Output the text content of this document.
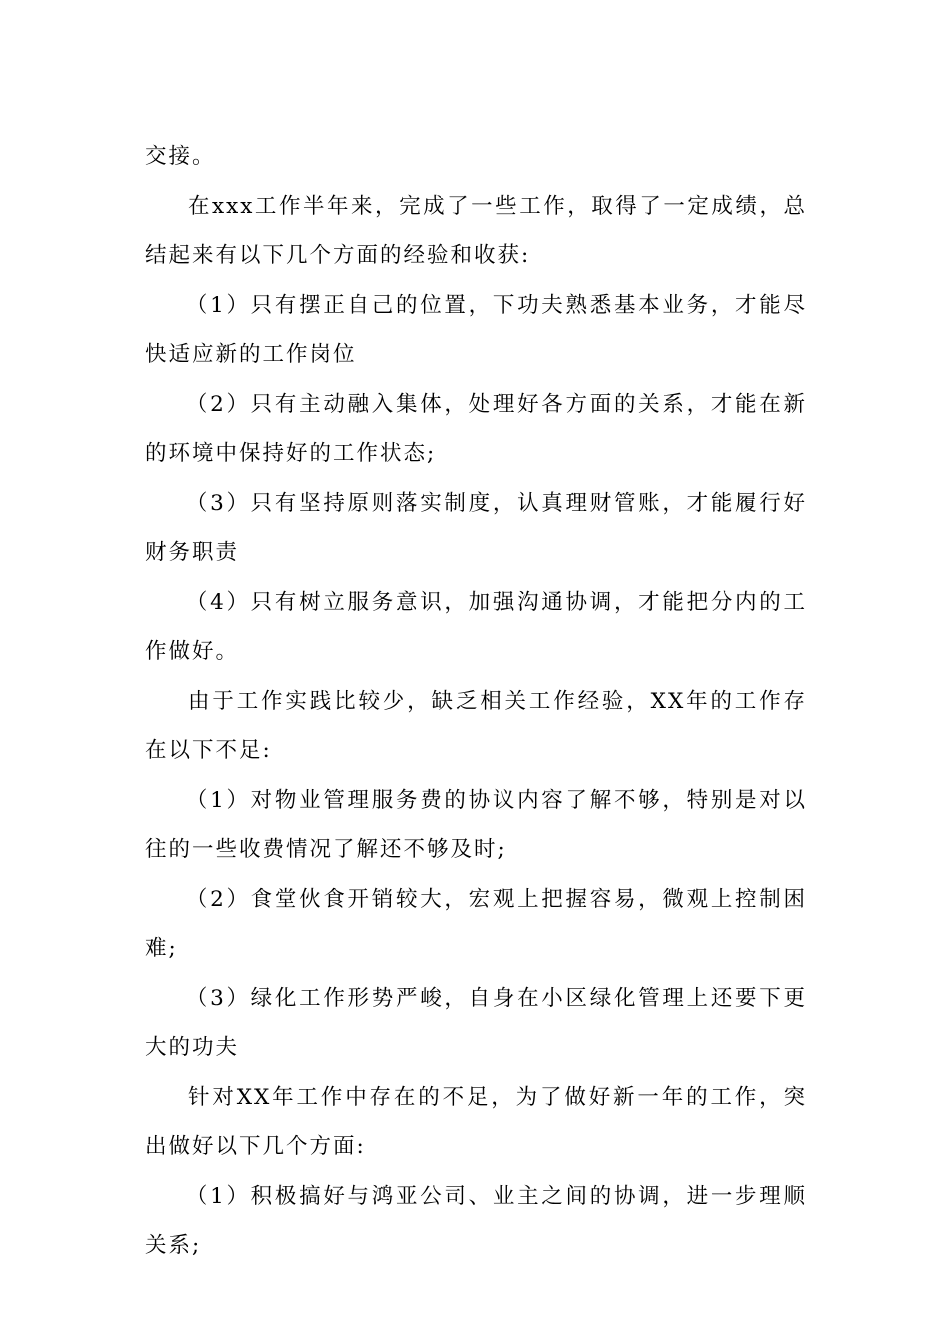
交接。

在xxx工作半年来，完成了一些工作，取得了一定成绩，总结起来有以下几个方面的经验和收获:

（1）只有摆正自己的位置，下功夫熟悉基本业务，才能尽快适应新的工作岗位

（2）只有主动融入集体，处理好各方面的关系，才能在新的环境中保持好的工作状态;

（3）只有坚持原则落实制度，认真理财管账，才能履行好财务职责

（4）只有树立服务意识，加强沟通协调，才能把分内的工作做好。

由于工作实践比较少，缺乏相关工作经验，XX年的工作存在以下不足:

（1）对物业管理服务费的协议内容了解不够，特别是对以往的一些收费情况了解还不够及时;

（2）食堂伙食开销较大，宏观上把握容易，微观上控制困难;

（3）绿化工作形势严峻，自身在小区绿化管理上还要下更大的功夫

针对XX年工作中存在的不足，为了做好新一年的工作，突出做好以下几个方面:

（1）积极搞好与鸿亚公司、业主之间的协调，进一步理顺关系;
